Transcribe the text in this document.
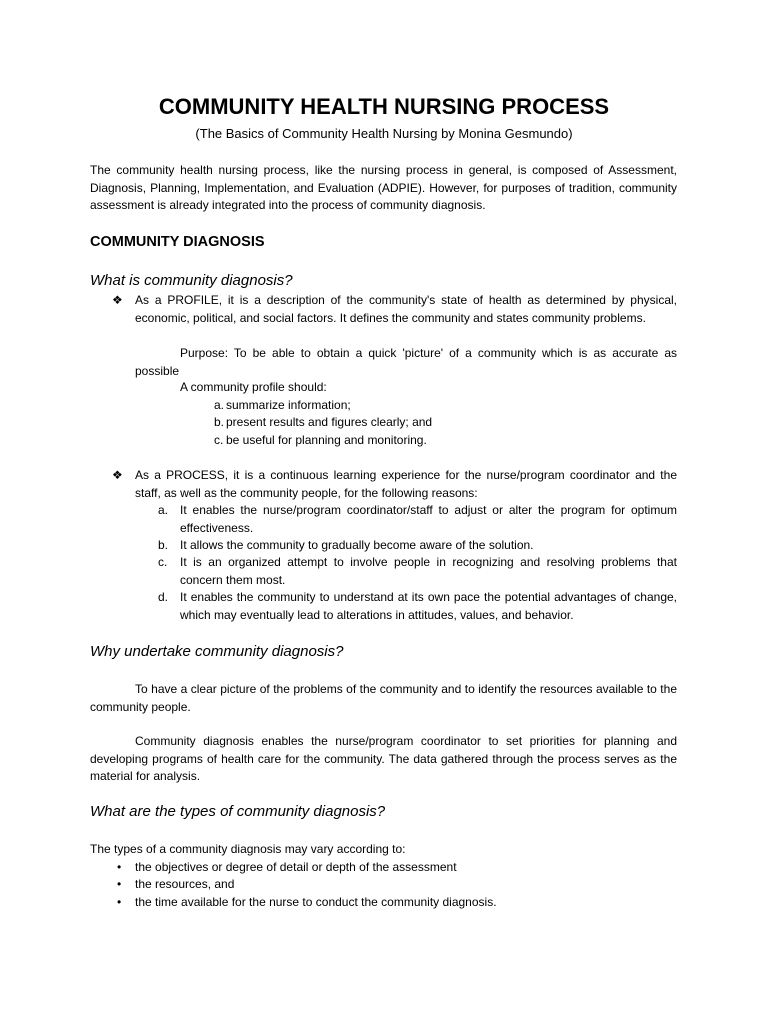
COMMUNITY HEALTH NURSING PROCESS
(The Basics of Community Health Nursing by Monina Gesmundo)
The community health nursing process, like the nursing process in general, is composed of Assessment, Diagnosis, Planning, Implementation, and Evaluation (ADPIE). However, for purposes of tradition, community assessment is already integrated into the process of community diagnosis.
COMMUNITY DIAGNOSIS
What is community diagnosis?
❖ As a PROFILE, it is a description of the community's state of health as determined by physical, economic, political, and social factors. It defines the community and states community problems.
Purpose: To be able to obtain a quick 'picture' of a community which is as accurate as possible
A community profile should:
a. summarize information;
b. present results and figures clearly; and
c. be useful for planning and monitoring.
❖ As a PROCESS, it is a continuous learning experience for the nurse/program coordinator and the staff, as well as the community people, for the following reasons:
a. It enables the nurse/program coordinator/staff to adjust or alter the program for optimum effectiveness.
b. It allows the community to gradually become aware of the solution.
c. It is an organized attempt to involve people in recognizing and resolving problems that concern them most.
d. It enables the community to understand at its own pace the potential advantages of change, which may eventually lead to alterations in attitudes, values, and behavior.
Why undertake community diagnosis?
To have a clear picture of the problems of the community and to identify the resources available to the community people.
Community diagnosis enables the nurse/program coordinator to set priorities for planning and developing programs of health care for the community. The data gathered through the process serves as the material for analysis.
What are the types of community diagnosis?
The types of a community diagnosis may vary according to:
• the objectives or degree of detail or depth of the assessment
• the resources, and
• the time available for the nurse to conduct the community diagnosis.
